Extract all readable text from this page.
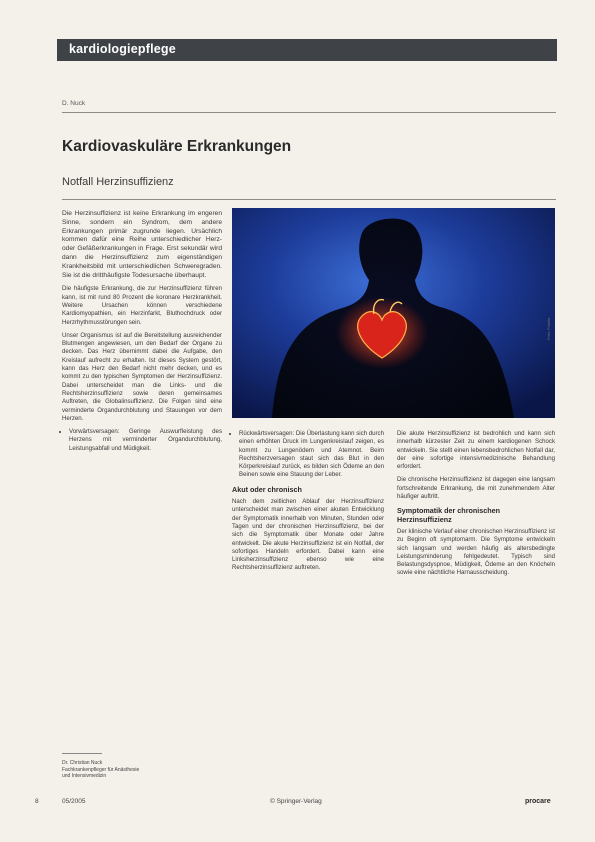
kardiologiepflege
D. Nuck
Kardiovaskuläre Erkrankungen
Notfall Herzinsuffizienz

Die Herzinsuffizienz ist keine Erkrankung im engeren Sinne, sondern ein Syndrom, dem andere Erkrankungen primär zugrunde liegen. Ursächlich kommen dafür eine Reihe unterschiedlicher Herz- oder Gefäßerkrankungen in Frage. Erst sekundär wird dann die Herzinsuffizienz zum eigenständigen Krankheitsbild mit unterschiedlichen Schweregraden. Sie ist die dritthäufigste Todesursache überhaupt.

Die häufigste Erkrankung, die zur Herzinsuffizienz führen kann, ist mit rund 80 Prozent die koronare Herzkrankheit. Weitere Ursachen können verschiedene Kardiomyopathien, ein Herzinfarkt, Bluthochdruck oder Herzrhythmusstörungen sein.

Unser Organismus ist auf die Bereitstellung ausreichender Blutmengen angewiesen, um den Bedarf der Organe zu decken. Das Herz übernimmt dabei die Aufgabe, den Kreislauf aufrecht zu erhalten. Ist dieses System gestört, kann das Herz den Bedarf nicht mehr decken, und es kommt zu den typischen Symptomen der Herzinsuffizienz. Dabei unterscheidet man die Links- und die Rechtsherzinsuffizienz sowie deren gemeinsames Auftreten, die Globalinsuffizienz. Die Folgen sind eine verminderte Organdurchblutung und Stauungen vor dem Herzen.

• Vorwärtsversagen: Geringe Auswurfleistung des Herzens mit verminderter Organdurchblutung, Leistungsabfall und Müdigkeit.
Foto: Fotolia
• Rückwärtsversagen: Die Überlastung kann sich durch einen erhöhten Druck im Lungenkreislauf zeigen, es kommt zu Lungenödem und Atemnot. Beim Rechtsherzversagen staut sich das Blut in den Körperkreislauf zurück, es bilden sich Ödeme an den Beinen sowie eine Stauung der Leber.
Akut oder chronisch

Nach dem zeitlichen Ablauf der Herzinsuffizienz unterscheidet man zwischen einer akuten Entwicklung der Symptomatik innerhalb von Minuten, Stunden oder Tagen und der chronischen Herzinsuffizienz, bei der sich die Symptomatik über Monate oder Jahre entwickelt. Die akute Herzinsuffizienz ist ein Notfall, der sofortiges Handeln erfordert. Dabei kann eine Linksherzinsuffizienz ebenso wie eine Rechtsherzinsuffizienz auftreten.

Die akute Herzinsuffizienz ist bedrohlich und kann sich innerhalb kürzester Zeit zu einem kardiogenen Schock entwickeln. Sie stellt einen lebensbedrohlichen Notfall dar, der eine sofortige intensivmedizinische Behandlung erfordert.

Die chronische Herzinsuffizienz ist dagegen eine langsam fortschreitende Erkrankung, die mit zunehmendem Alter häufiger auftritt.

Symptomatik der chronischen Herzinsuffizienz

Der klinische Verlauf einer chronischen Herzinsuffizienz ist zu Beginn oft symptomarm. Die Symptome entwickeln sich langsam und werden häufig als altersbedingte Leistungsminderung fehlgedeutet. Typisch sind Belastungsdyspnoe, Müdigkeit, Ödeme an den Knöcheln sowie eine nächtliche Harnausscheidung.

Dr. Christian Nuck
Fachkrankenpfleger für Anästhesie
und Intensivmedizin
8	05/2005	© Springer-Verlag	procare
